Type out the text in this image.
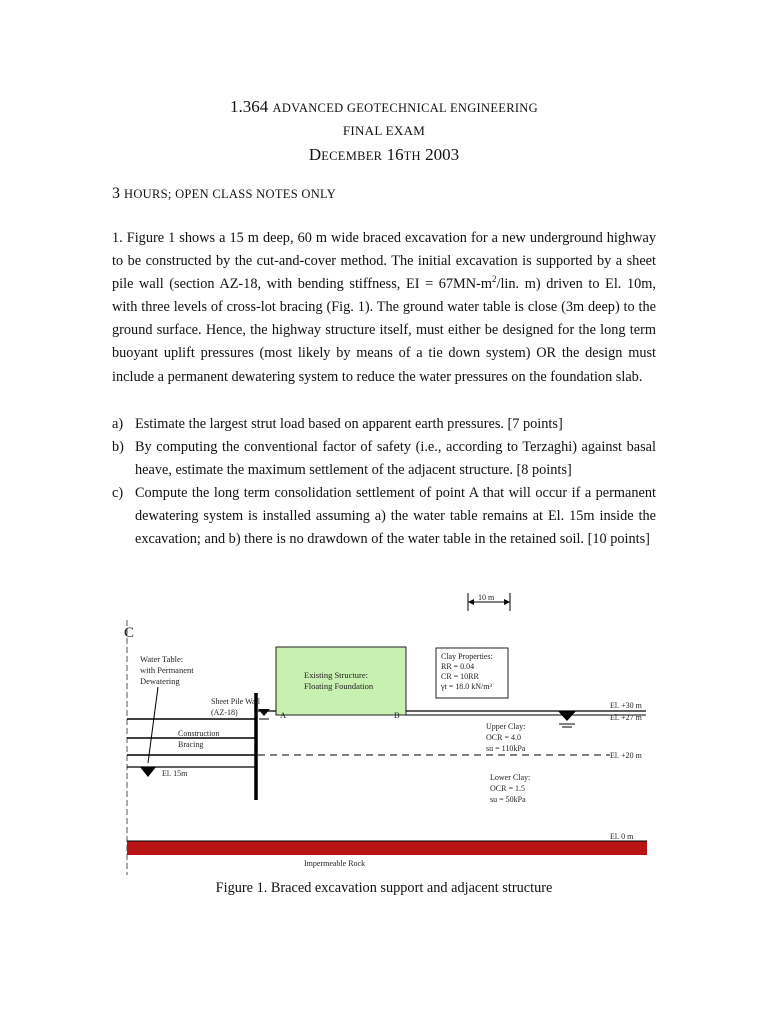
1.364 ADVANCED GEOTECHNICAL ENGINEERING
FINAL EXAM
DECEMBER 16TH 2003
3 HOURS; OPEN CLASS NOTES ONLY
1. Figure 1 shows a 15 m deep, 60 m wide braced excavation for a new underground highway to be constructed by the cut-and-cover method. The initial excavation is supported by a sheet pile wall (section AZ-18, with bending stiffness, EI = $67MN-m^2$/lin. m) driven to El. 10m, with three levels of cross-lot bracing (Fig. 1). The ground water table is close (3m deep) to the ground surface. Hence, the highway structure itself, must either be designed for the long term buoyant uplift pressures (most likely by means of a tie down system) OR the design must include a permanent dewatering system to reduce the water pressures on the foundation slab.
a) Estimate the largest strut load based on apparent earth pressures. [7 points]
b) By computing the conventional factor of safety (i.e., according to Terzaghi) against basal heave, estimate the maximum settlement of the adjacent structure. [8 points]
c) Compute the long term consolidation settlement of point A that will occur if a permanent dewatering system is installed assuming a) the water table remains at El. 15m inside the excavation; and b) there is no drawdown of the water table in the retained soil. [10 points]
C
10 m
Water Table:
with Permanent
Dewatering
Sheet Pile Wall
(AZ-18)
Existing Structure:
Floating Foundation
A	B
Clay Properties:
RR = 0.04
CR = 10RR
γt = 18.0 kN/m³
El. +30 m
El. +27 m
Upper Clay:
OCR = 4.0
su = 110kPa
El. +20 m
Lower Clay:
OCR = 1.5
su = 50kPa
Construction
Bracing
El. 15m
El. 0 m
Impermeable Rock
Figure 1. Braced excavation support and adjacent structure
